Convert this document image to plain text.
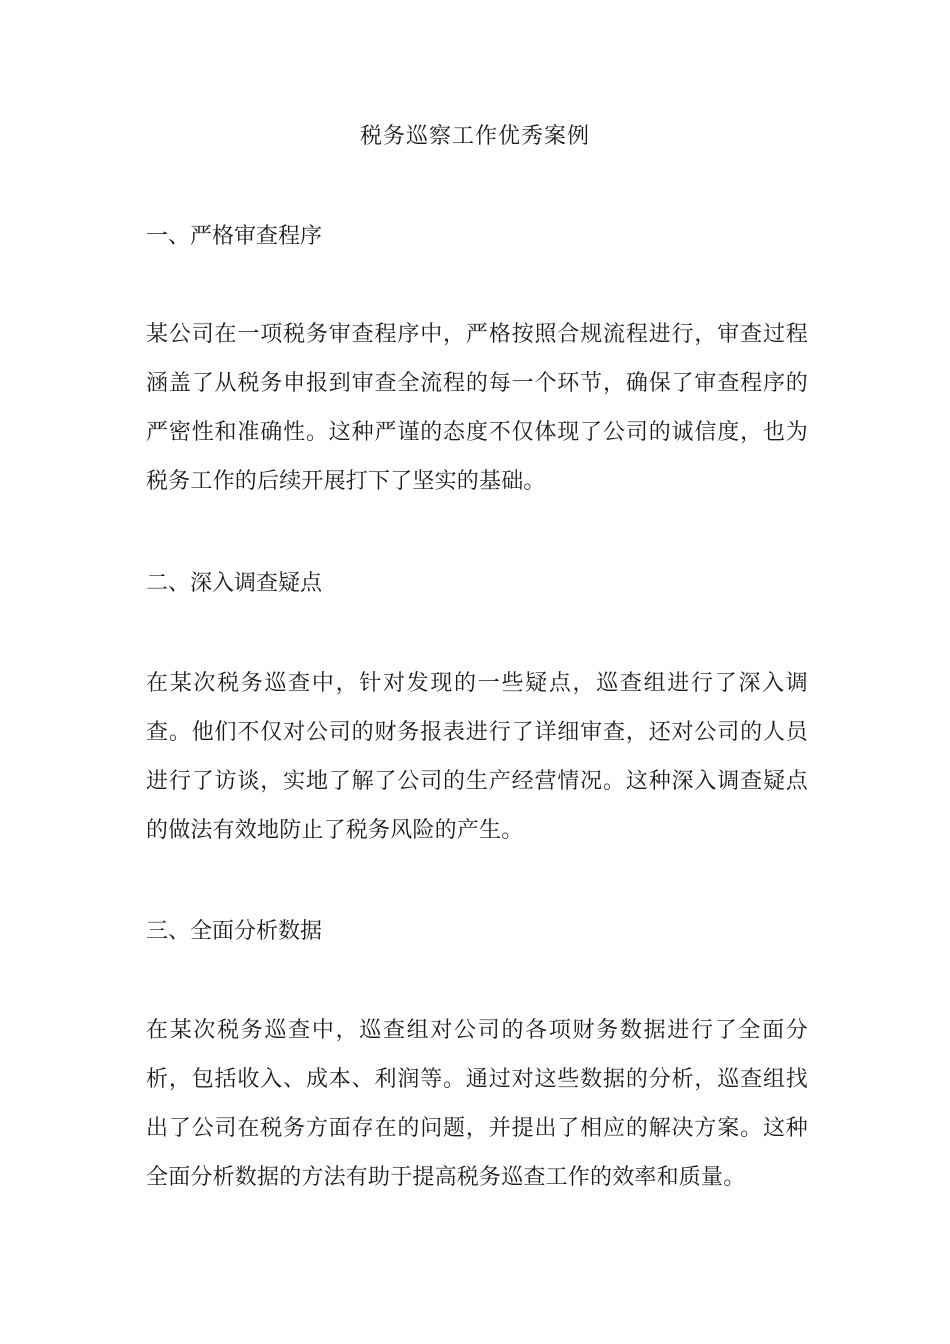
税务巡察工作优秀案例
一、严格审查程序

某公司在一项税务审查程序中，严格按照合规流程进行，审查过程涵盖了从税务申报到审查全流程的每一个环节，确保了审查程序的严密性和准确性。这种严谨的态度不仅体现了公司的诚信度，也为税务工作的后续开展打下了坚实的基础。

二、深入调查疑点

在某次税务巡查中，针对发现的一些疑点，巡查组进行了深入调查。他们不仅对公司的财务报表进行了详细审查，还对公司的人员进行了访谈，实地了解了公司的生产经营情况。这种深入调查疑点的做法有效地防止了税务风险的产生。

三、全面分析数据

在某次税务巡查中，巡查组对公司的各项财务数据进行了全面分析，包括收入、成本、利润等。通过对这些数据的分析，巡查组找出了公司在税务方面存在的问题，并提出了相应的解决方案。这种全面分析数据的方法有助于提高税务巡查工作的效率和质量。
